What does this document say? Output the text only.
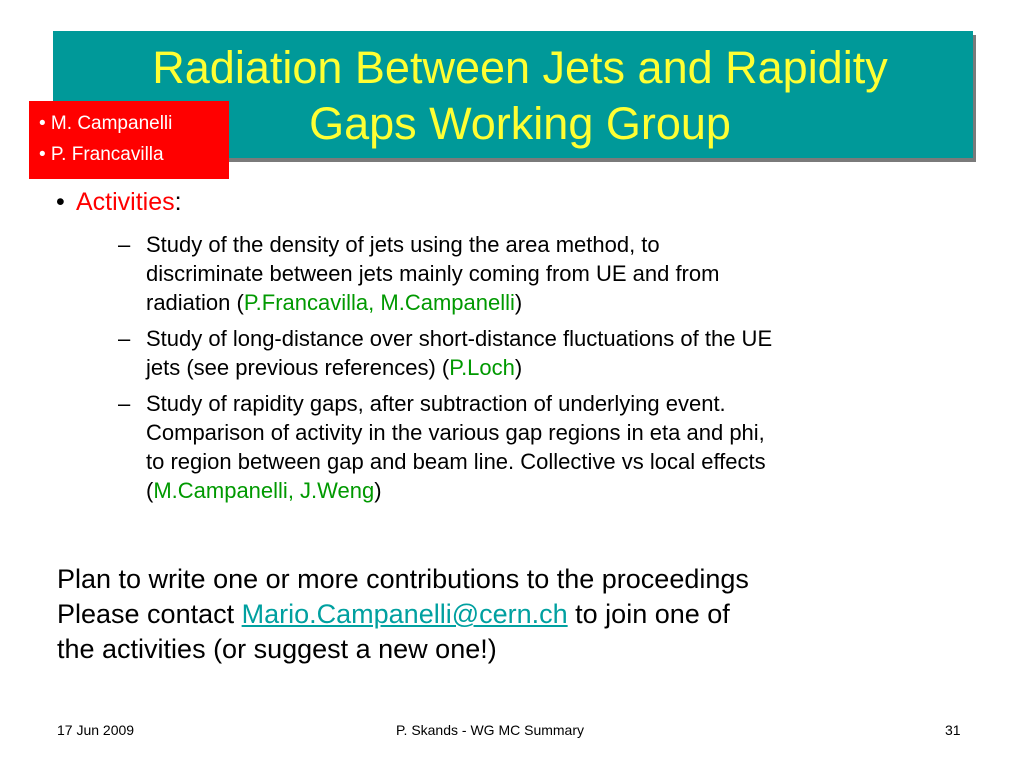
Radiation Between Jets and Rapidity
Gaps Working Group
• M. Campanelli
• P. Francavilla
• Activities:
– Study of the density of jets using the area method, to
discriminate between jets mainly coming from UE and from
radiation (P.Francavilla, M.Campanelli)
– Study of long-distance over short-distance fluctuations of the UE
jets (see previous references) (P.Loch)
– Study of rapidity gaps, after subtraction of underlying event.
Comparison of activity in the various gap regions in eta and phi,
to region between gap and beam line. Collective vs local effects
(M.Campanelli, J.Weng)
Plan to write one or more contributions to the proceedings
Please contact Mario.Campanelli@cern.ch to join one of
the activities (or suggest a new one!)
17 Jun 2009	P. Skands - WG MC Summary	31
